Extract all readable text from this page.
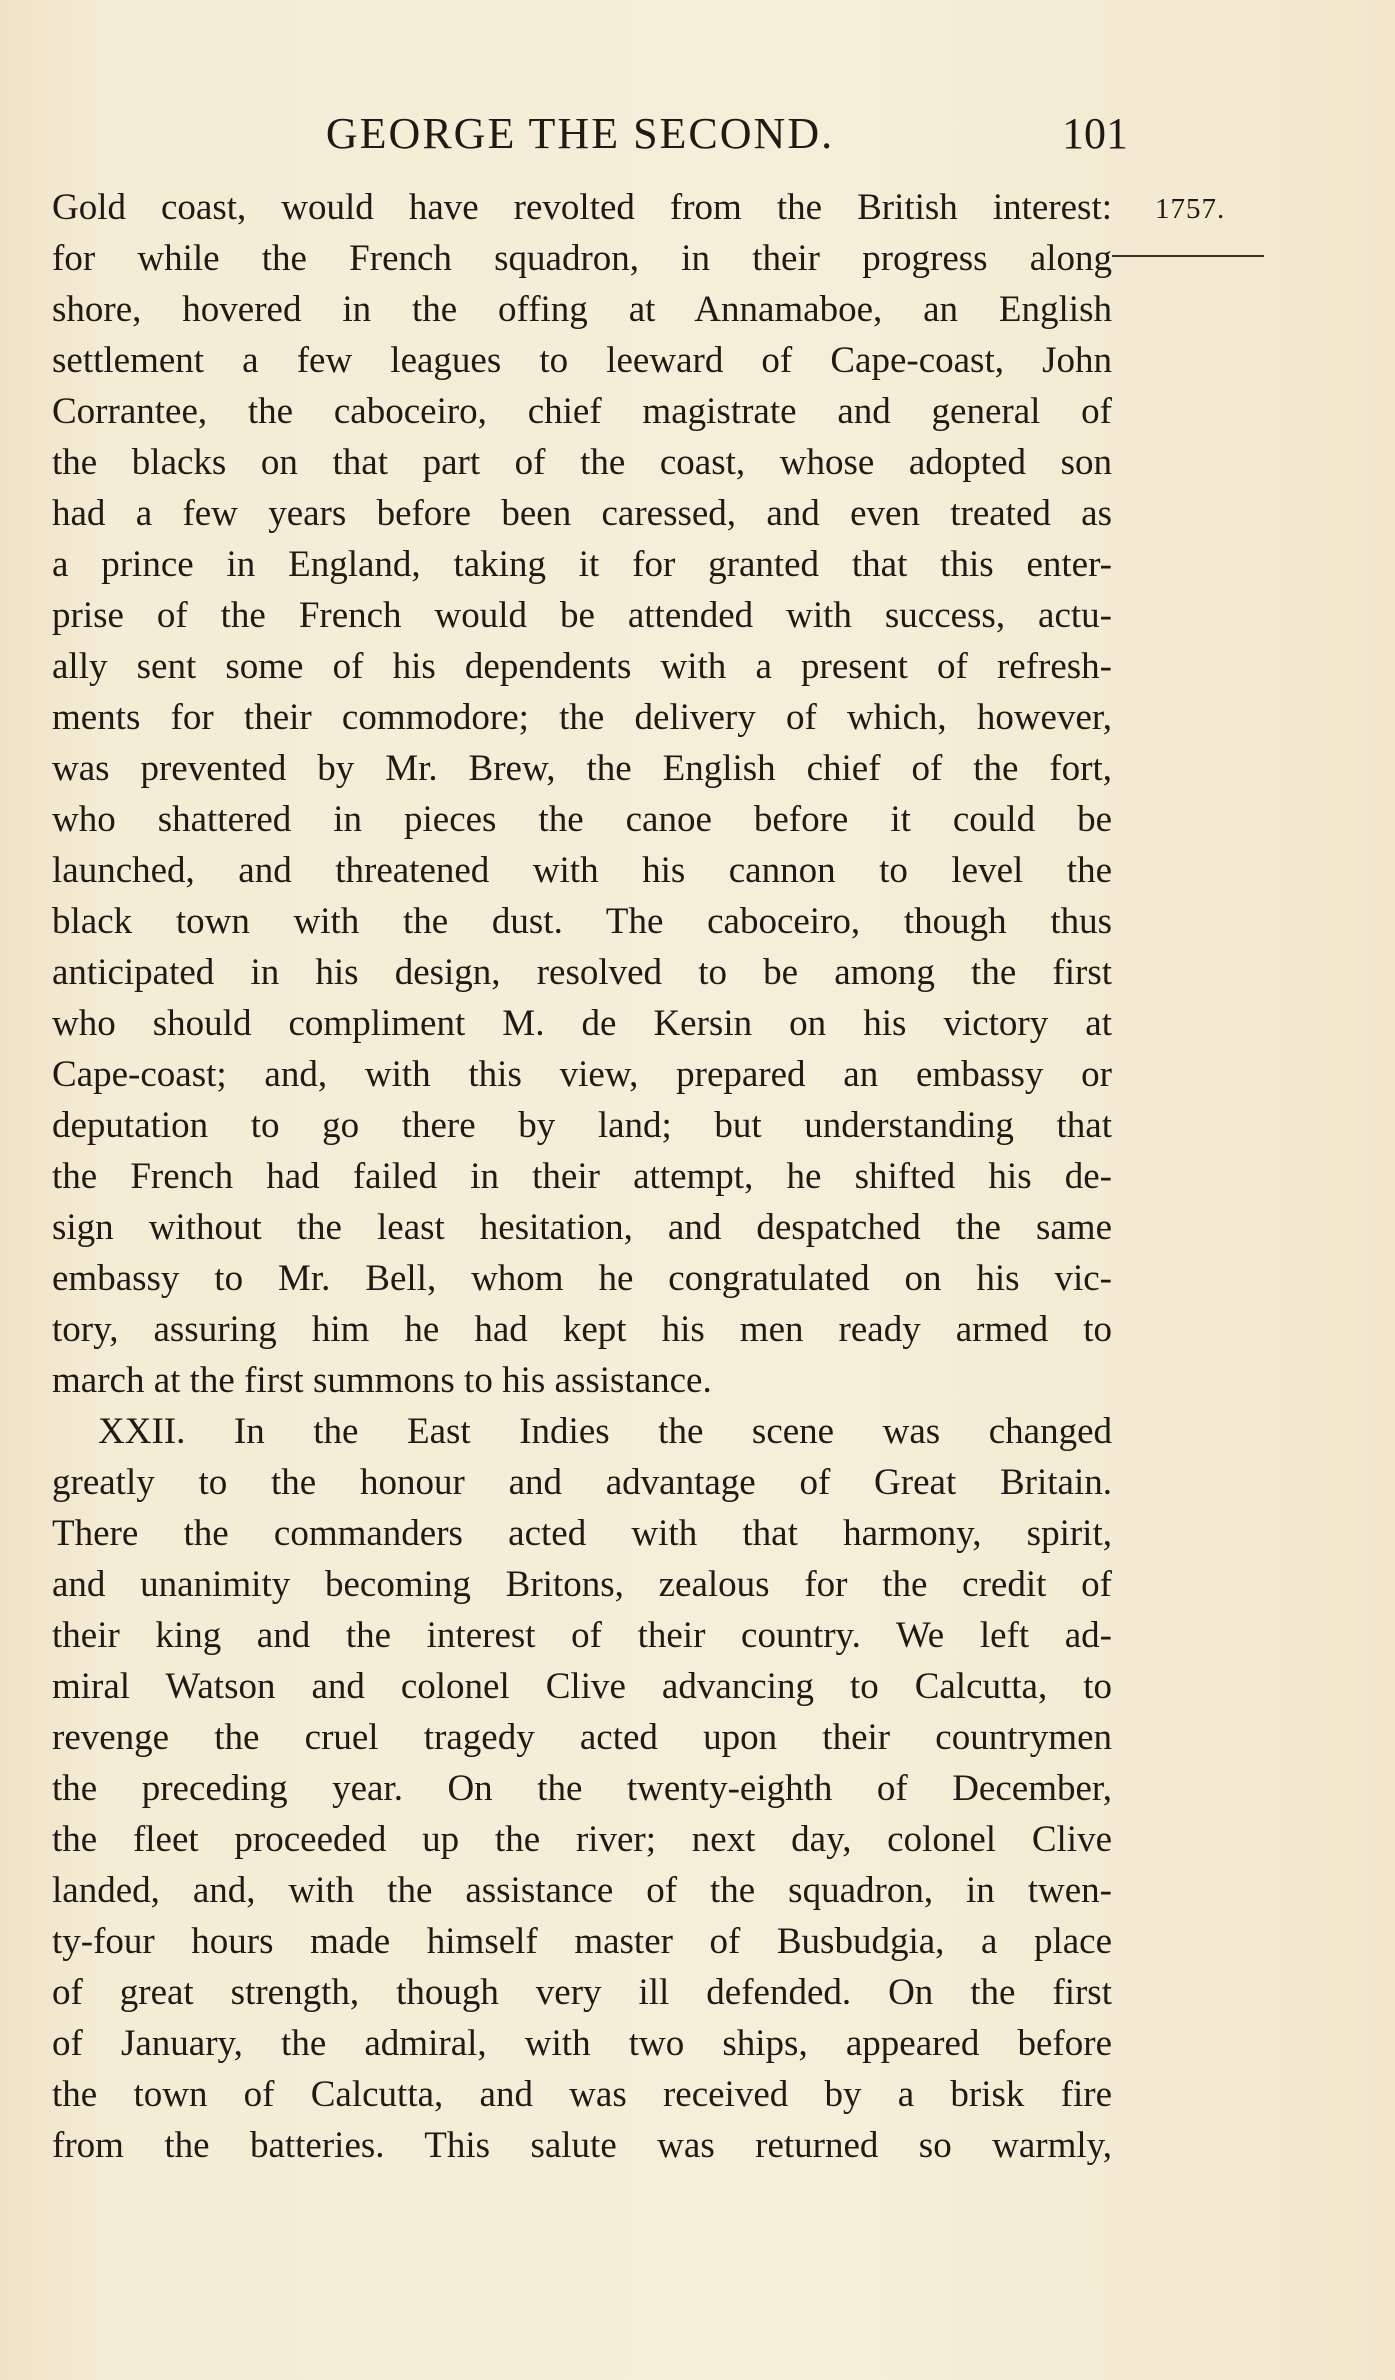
GEORGE THE SECOND.	101
1757.
Gold coast, would have revolted from the British interest:
for while the French squadron, in their progress along
shore, hovered in the offing at Annamaboe, an English
settlement a few leagues to leeward of Cape-coast, John
Corrantee, the caboceiro, chief magistrate and general of
the blacks on that part of the coast, whose adopted son
had a few years before been caressed, and even treated as
a prince in England, taking it for granted that this enter-
prise of the French would be attended with success, actu-
ally sent some of his dependents with a present of refresh-
ments for their commodore; the delivery of which, however,
was prevented by Mr. Brew, the English chief of the fort,
who shattered in pieces the canoe before it could be
launched, and threatened with his cannon to level the
black town with the dust. The caboceiro, though thus
anticipated in his design, resolved to be among the first
who should compliment M. de Kersin on his victory at
Cape-coast; and, with this view, prepared an embassy or
deputation to go there by land; but understanding that
the French had failed in their attempt, he shifted his de-
sign without the least hesitation, and despatched the same
embassy to Mr. Bell, whom he congratulated on his vic-
tory, assuring him he had kept his men ready armed to
march at the first summons to his assistance.
XXII. In the East Indies the scene was changed
greatly to the honour and advantage of Great Britain.
There the commanders acted with that harmony, spirit,
and unanimity becoming Britons, zealous for the credit of
their king and the interest of their country. We left ad-
miral Watson and colonel Clive advancing to Calcutta, to
revenge the cruel tragedy acted upon their countrymen
the preceding year. On the twenty-eighth of December,
the fleet proceeded up the river; next day, colonel Clive
landed, and, with the assistance of the squadron, in twen-
ty-four hours made himself master of Busbudgia, a place
of great strength, though very ill defended. On the first
of January, the admiral, with two ships, appeared before
the town of Calcutta, and was received by a brisk fire
from the batteries. This salute was returned so warmly,
